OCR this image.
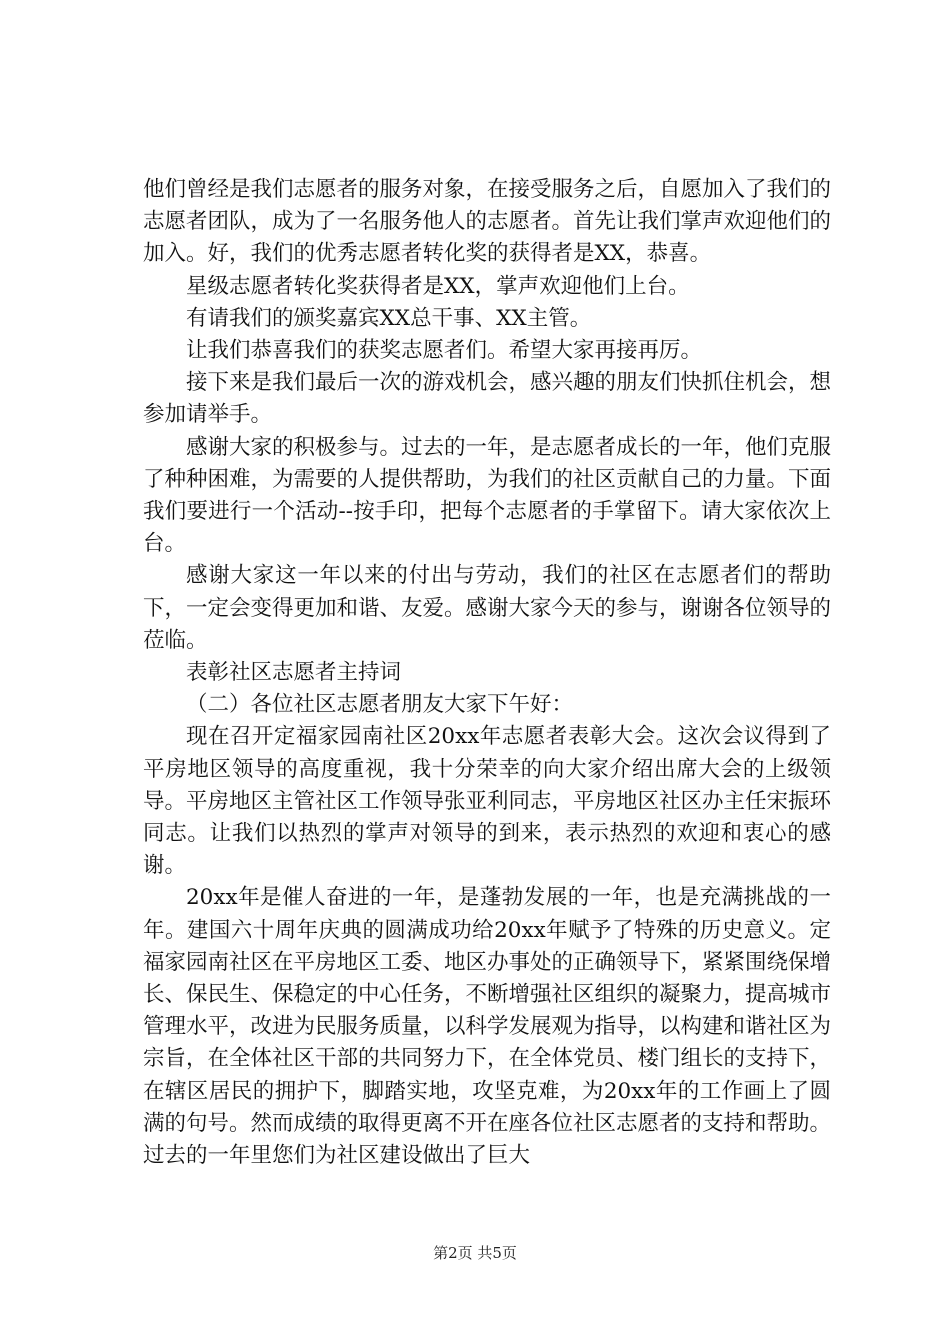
他们曾经是我们志愿者的服务对象，在接受服务之后，自愿加入了我们的志愿者团队，成为了一名服务他人的志愿者。首先让我们掌声欢迎他们的加入。好，我们的优秀志愿者转化奖的获得者是XX，恭喜。

星级志愿者转化奖获得者是XX，掌声欢迎他们上台。

有请我们的颁奖嘉宾XX总干事、XX主管。

让我们恭喜我们的获奖志愿者们。希望大家再接再厉。

接下来是我们最后一次的游戏机会，感兴趣的朋友们快抓住机会，想参加请举手。

感谢大家的积极参与。过去的一年，是志愿者成长的一年，他们克服了种种困难，为需要的人提供帮助，为我们的社区贡献自己的力量。下面我们要进行一个活动--按手印，把每个志愿者的手掌留下。请大家依次上台。

感谢大家这一年以来的付出与劳动，我们的社区在志愿者们的帮助下，一定会变得更加和谐、友爱。感谢大家今天的参与，谢谢各位领导的莅临。

表彰社区志愿者主持词

（二）各位社区志愿者朋友大家下午好：

现在召开定福家园南社区20xx年志愿者表彰大会。这次会议得到了平房地区领导的高度重视，我十分荣幸的向大家介绍出席大会的上级领导。平房地区主管社区工作领导张亚利同志，平房地区社区办主任宋振环同志。让我们以热烈的掌声对领导的到来，表示热烈的欢迎和衷心的感谢。

20xx年是催人奋进的一年，是蓬勃发展的一年，也是充满挑战的一年。建国六十周年庆典的圆满成功给20xx年赋予了特殊的历史意义。定福家园南社区在平房地区工委、地区办事处的正确领导下，紧紧围绕保增长、保民生、保稳定的中心任务，不断增强社区组织的凝聚力，提高城市管理水平，改进为民服务质量，以科学发展观为指导，以构建和谐社区为宗旨，在全体社区干部的共同努力下，在全体党员、楼门组长的支持下，在辖区居民的拥护下，脚踏实地，攻坚克难，为20xx年的工作画上了圆满的句号。然而成绩的取得更离不开在座各位社区志愿者的支持和帮助。过去的一年里您们为社区建设做出了巨大

第2页 共5页
